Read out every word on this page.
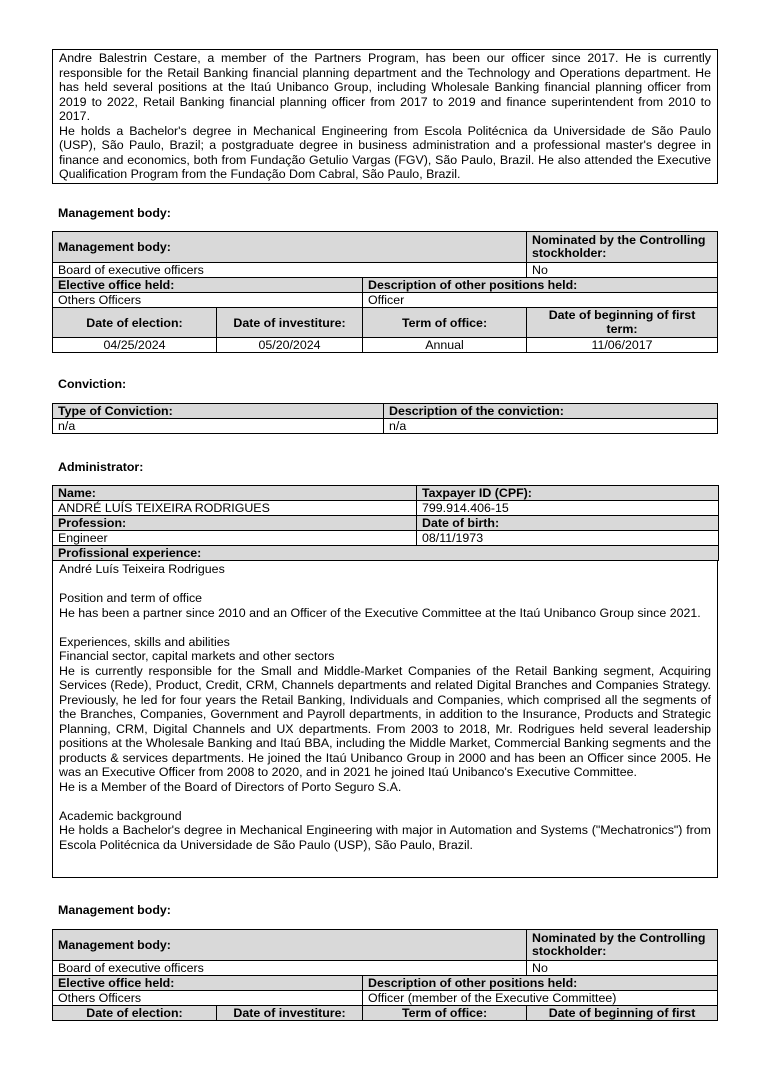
Andre Balestrin Cestare, a member of the Partners Program, has been our officer since 2017. He is currently responsible for the Retail Banking financial planning department and the Technology and Operations department. He has held several positions at the Itaú Unibanco Group, including Wholesale Banking financial planning officer from 2019 to 2022, Retail Banking financial planning officer from 2017 to 2019 and finance superintendent from 2010 to 2017.

He holds a Bachelor's degree in Mechanical Engineering from Escola Politécnica da Universidade de São Paulo (USP), São Paulo, Brazil; a postgraduate degree in business administration and a professional master's degree in finance and economics, both from Fundação Getulio Vargas (FGV), São Paulo, Brazil. He also attended the Executive Qualification Program from the Fundação Dom Cabral, São Paulo, Brazil.

Management body:
Management body:			Nominated by the Controlling stockholder:
Board of executive officers			No
Elective office held:		Description of other positions held:	
Others Officers		Officer	
Date of election:	Date of investiture:	Term of office:	Date of beginning of first term:
04/25/2024	05/20/2024	Annual	11/06/2017
Conviction:
Type of Conviction:	Description of the conviction:
n/a	n/a
Administrator:
Name:	Taxpayer ID (CPF):
ANDRÉ LUÍS TEIXEIRA RODRIGUES	799.914.406-15
Profession:	Date of birth:
Engineer	08/11/1973
Profissional experience:	

André Luís Teixeira Rodrigues

Position and term of office

He has been a partner since 2010 and an Officer of the Executive Committee at the Itaú Unibanco Group since 2021.

Experiences, skills and abilities

Financial sector, capital markets and other sectors

He is currently responsible for the Small and Middle-Market Companies of the Retail Banking segment, Acquiring Services (Rede), Product, Credit, CRM, Channels departments and related Digital Branches and Companies Strategy. Previously, he led for four years the Retail Banking, Individuals and Companies, which comprised all the segments of the Branches, Companies, Government and Payroll departments, in addition to the Insurance, Products and Strategic Planning, CRM, Digital Channels and UX departments. From 2003 to 2018, Mr. Rodrigues held several leadership positions at the Wholesale Banking and Itaú BBA, including the Middle Market, Commercial Banking segments and the products & services departments. He joined the Itaú Unibanco Group in 2000 and has been an Officer since 2005. He was an Executive Officer from 2008 to 2020, and in 2021 he joined Itaú Unibanco's Executive Committee.

He is a Member of the Board of Directors of Porto Seguro S.A.

Academic background

He holds a Bachelor's degree in Mechanical Engineering with major in Automation and Systems ("Mechatronics") from Escola Politécnica da Universidade de São Paulo (USP), São Paulo, Brazil.

Management body:
Management body:			Nominated by the Controlling stockholder:
Board of executive officers			No
Elective office held:		Description of other positions held:	
Others Officers		Officer (member of the Executive Committee)	
Date of election:	Date of investiture:	Term of office:	Date of beginning of first
